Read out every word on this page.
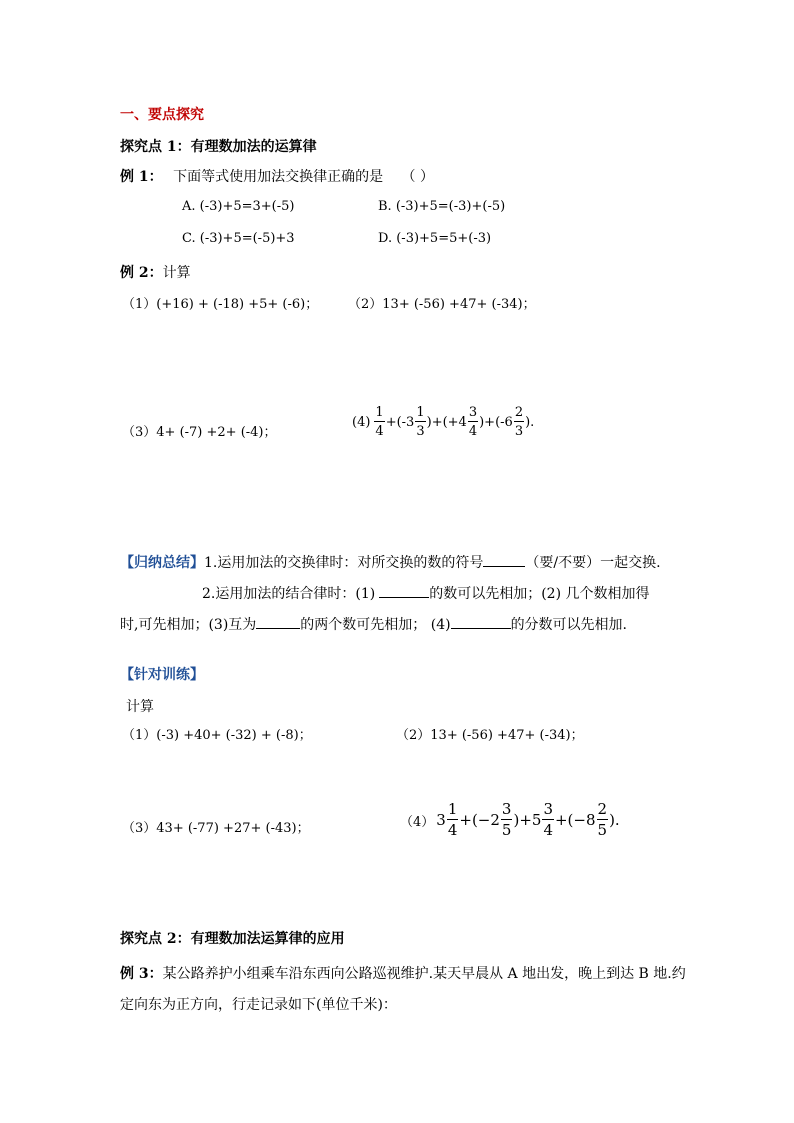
一、要点探究
探究点 1：有理数加法的运算律
例 1： 下面等式使用加法交换律正确的是 （ ）
A. (-3)+5=3+(-5)	B. (-3)+5=(-3)+(-5)
C. (-3)+5=(-5)+3	D. (-3)+5=5+(-3)
例 2：计算
（1）(+16) + (-18) +5+ (-6)； （2）13+ (-56) +47+ (-34)；
（3）4+ (-7) +2+ (-4)；
$(4) \frac{1}{4} +(-3 \frac{1}{3} )+(+4 \frac{3}{4} )+(-6 \frac{2}{3}$ ).
【归纳总结】1.运用加法的交换律时：对所交换的数的符号	（要/不要）一起交换.
2.运用加法的结合律时：(1)	的数可以先相加；(2) 几个数相加得
时,可先相加；(3)互为	的两个数可先相加； (4)	的分数可以先相加.
【针对训练】
计算
（1）(-3) +40+ (-32) + (-8)；	（2）13+ (-56) +47+ (-34)；
（3）43+ (-77) +27+ (-43)；	（4） $3 \frac{1}{4} +(-2 \frac{3}{5} )+5 \frac{3}{4} +(-8 \frac{2}{5}$ ).
探究点 2：有理数加法运算律的应用
例 3：某公路养护小组乘车沿东西向公路巡视维护.某天早晨从 A 地出发，晚上到达 B 地.约
定向东为正方向，行走记录如下(单位千米)：
